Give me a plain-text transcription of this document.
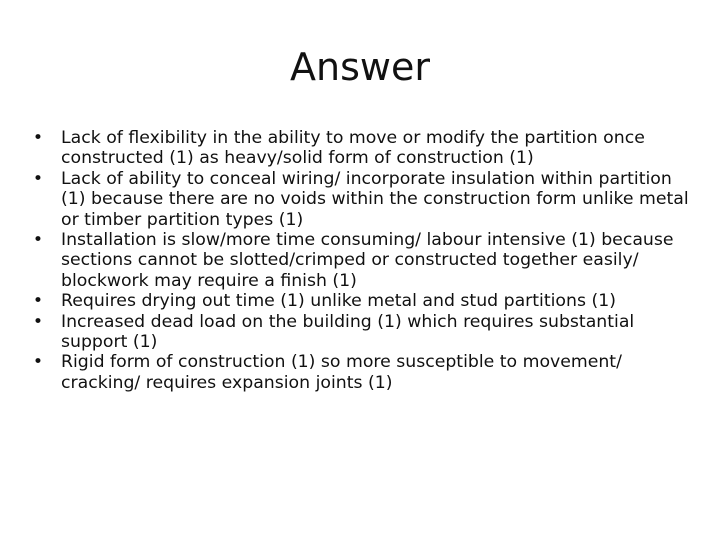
Answer
• Lack of flexibility in the ability to move or modify the partition once constructed (1) as heavy/solid form of construction (1)
• Lack of ability to conceal wiring/ incorporate insulation within partition (1) because there are no voids within the construction form unlike metal or timber partition types (1)
• Installation is slow/more time consuming/ labour intensive (1) because sections cannot be slotted/crimped or constructed together easily/ blockwork may require a finish (1)
• Requires drying out time (1) unlike metal and stud partitions (1)
• Increased dead load on the building (1) which requires substantial support (1)
• Rigid form of construction (1) so more susceptible to movement/ cracking/ requires expansion joints (1)
